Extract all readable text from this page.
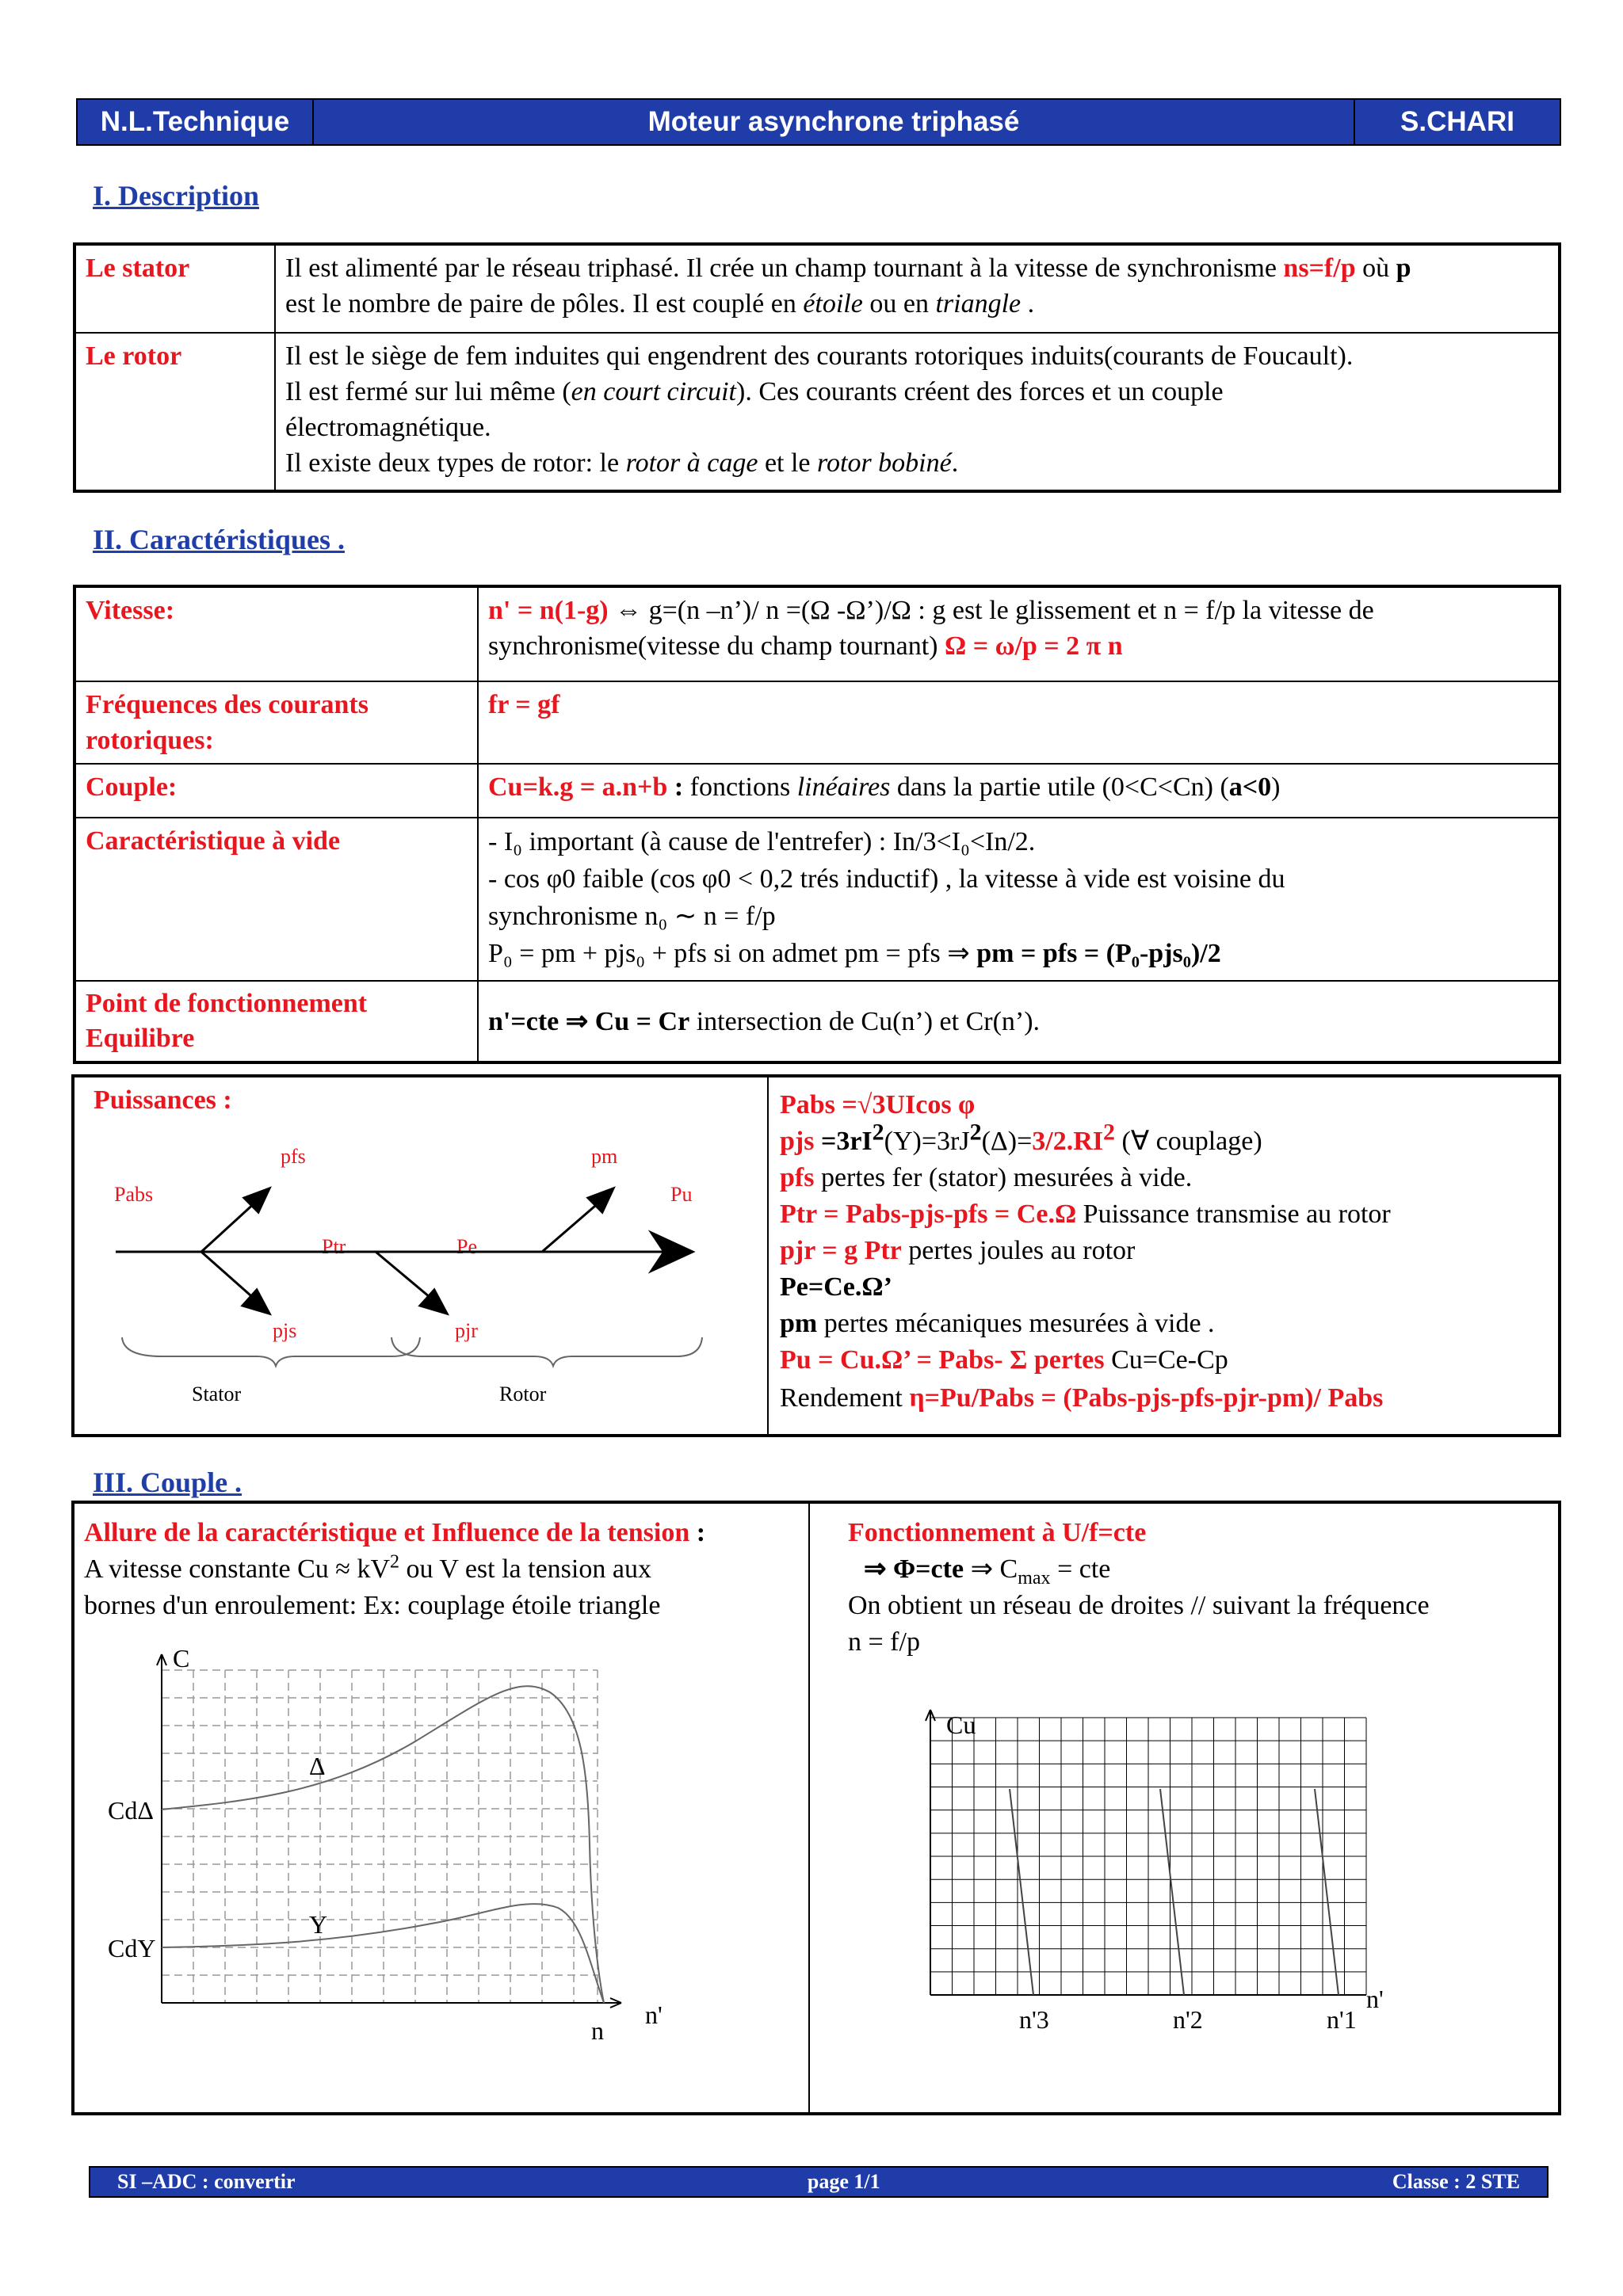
N.L.Technique	Moteur asynchrone triphasé	S.CHARI
I. Description
Le stator	Il est alimenté par le réseau triphasé. Il crée un champ tournant à la vitesse de synchronisme ns=f/p où p
est le nombre de paire de pôles. Il est couplé en étoile ou en triangle .
Le rotor	Il est le siège de fem induites qui engendrent des courants rotoriques induits(courants de Foucault).
Il est fermé sur lui même (en court circuit). Ces courants créent des forces et un couple
électromagnétique.
Il existe deux types de rotor: le rotor à cage et le rotor bobiné.
II. Caractéristiques .
Vitesse:	n' = n(1-g) ⇔ g=(n –n’)/ n =(Ω -Ω’)/Ω : g est le glissement et n = f/p la vitesse de
synchronisme(vitesse du champ tournant) Ω = ω/p = 2 π n
Fréquences des courants rotoriques:	fr = gf
Couple:	Cu=k.g = a.n+b : fonctions linéaires dans la partie utile (0<C<Cn) (a<0)
Caractéristique à vide	- I₀ important (à cause de l'entrefer) : In/3<I₀<In/2.
- cos φ0 faible (cos φ0 < 0,2 trés inductif) , la vitesse à vide est voisine du
synchronisme n₀ ∼ n = f/p
P₀ = pm + pjs₀ + pfs si on admet pm = pfs ⇒ pm = pfs = (P₀-pjs₀)/2
Point de fonctionnement Equilibre	n'=cte ⇒ Cu = Cr intersection de Cu(n’) et Cr(n’).
Puissances :
Pabs
pfs
Ptr	Pe
pm
Pu
pjs	pjr
Stator	Rotor
Pabs =√3UIcos φ
pjs $=3rI^2(Y)=3rJ^2(\Delta)=3/2.RI^2$ (∀ couplage)
pfs pertes fer (stator) mesurées à vide.
Ptr = Pabs-pjs-pfs = Ce.Ω Puissance transmise au rotor
pjr = g Ptr pertes joules au rotor
Pe=Ce.Ω’
pm pertes mécaniques mesurées à vide .
Pu = Cu.Ω’ = Pabs- Σ pertes Cu=Ce-Cp
Rendement η=Pu/Pabs = (Pabs-pjs-pfs-pjr-pm)/ Pabs
III. Couple .
Allure de la caractéristique et Influence de la tension :
A vitesse constante $Cu \approx kV^2$ ou V est la tension aux
bornes d'un enroulement: Ex: couplage étoile triangle
C
CdΔ
CdY
Δ
Y
n
n'
Fonctionnement à U/f=cte
⇒ Φ=cte ⇒ $C_{max}$ = cte
On obtient un réseau de droites // suivant la fréquence
n = f/p
Cu
n'3	n'2	n'1
n'
SI –ADC : convertir	page 1/1	Classe : 2 STE
